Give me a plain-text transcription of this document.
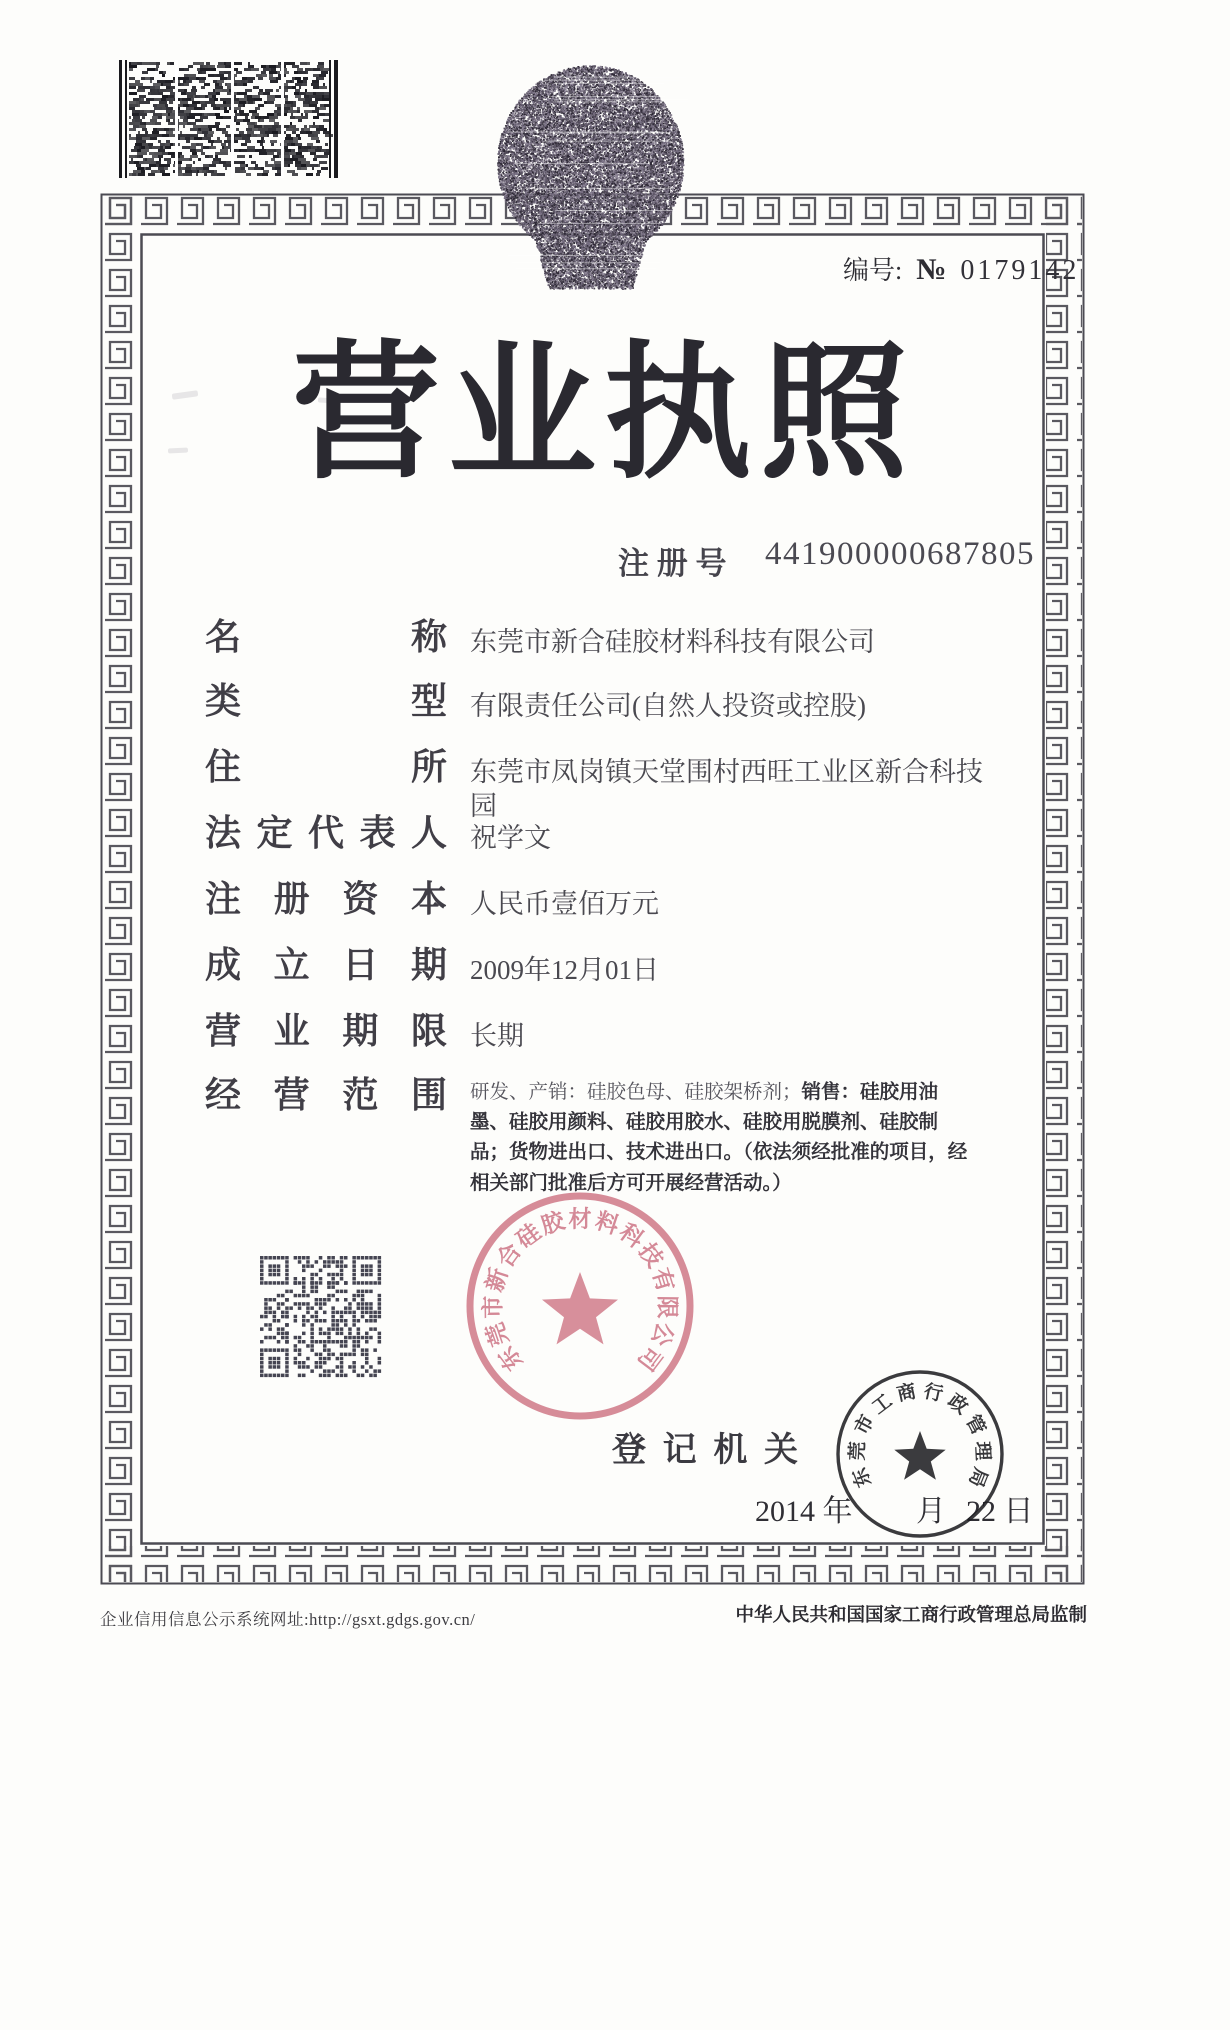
编号: № 0179142
营业执照
注 册 号 441900000687805
名称 东莞市新合硅胶材料科技有限公司
类型 有限责任公司(自然人投资或控股)
住所 东莞市凤岗镇天堂围村西旺工业区新合科技园
法定代表人 祝学文
注册资本 人民币壹佰万元
成立日期 2009年12月01日
营业期限 长期
经营范围 研发、产销：硅胶色母、硅胶架桥剂；销售：硅胶用油墨、硅胶用颜料、硅胶用胶水、硅胶用脱膜剂、硅胶制品；货物进出口、技术进出口。（依法须经批准的项目，经相关部门批准后方可开展经营活动。）
东
莞
市
新
合
硅
胶 材 料
科
技
有
限
公
司
登记机关
2014 年 月 22 日
东
莞
市
工
商 行
政
管
理
局
企业信用信息公示系统网址:http://gsxt.gdgs.gov.cn/	中华人民共和国国家工商行政管理总局监制
